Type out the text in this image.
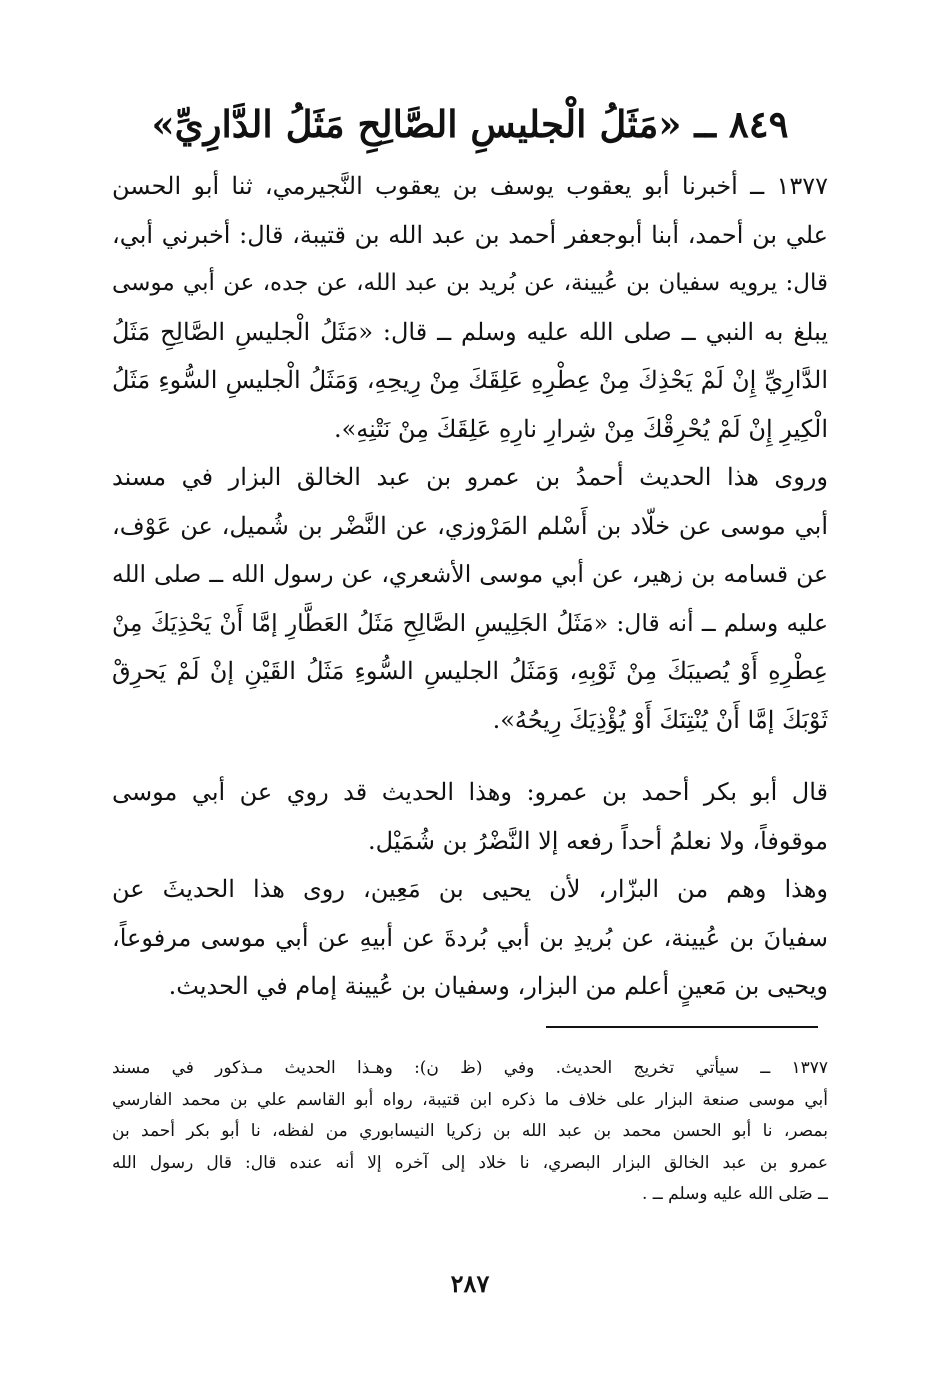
٨٤٩ ــ «مَثَلُ الْجليسِ الصَّالِحِ مَثَلُ الدَّارِيِّ»
١٣٧٧ ــ أخبرنا أبو يعقوب يوسف بن يعقوب النَّجيرمي، ثنا أبو الحسن
علي بن أحمد، أبنا أبوجعفر أحمد بن عبد الله بن قتيبة، قال: أخبرني أبي،
قال: يرويه سفيان بن عُيينة، عن بُريد بن عبد الله، عن جده، عن أبي موسى
يبلغ به النبي ــ صلى الله عليه وسلم ــ قال: «مَثَلُ الْجليسِ الصَّالِحِ مَثَلُ
الدَّارِيِّ إِنْ لَمْ يَحْذِكَ مِنْ عِطْرِهِ عَلِقَكَ مِنْ رِيحِهِ، وَمَثَلُ الْجليسِ السُّوءِ مَثَلُ
الْكِيرِ إِنْ لَمْ يُحْرِقْكَ مِنْ شِرارِ نارِهِ عَلِقَكَ مِنْ نَتْنِهِ».
وروى هذا الحديث أحمدُ بن عمرو بن عبد الخالق البزار في مسند
أبي موسى عن خلّاد بن أَسْلم المَرْوزي، عن النَّضْر بن شُميل، عن عَوْف،
عن قسامه بن زهير، عن أبي موسى الأشعري، عن رسول الله ــ صلى الله
عليه وسلم ــ أنه قال: «مَثَلُ الجَلِيسِ الصَّالِحِ مَثَلُ العَطَّارِ إمَّا أَنْ يَحْذِيَكَ مِنْ
عِطْرِهِ أَوْ يُصيبَكَ مِنْ ثَوْبِهِ، وَمَثَلُ الجليسِ السُّوءِ مَثَلُ القَيْنِ إنْ لَمْ يَحرِقْ
ثَوْبَكَ إمَّا أَنْ يُنْتِنَكَ أَوْ يُؤْذِيَكَ رِيحُهُ».
قال أبو بكر أحمد بن عمرو: وهذا الحديث قد روي عن أبي موسى
موقوفاً، ولا نعلمُ أحداً رفعه إلا النَّضْرُ بن شُمَيْل.
وهذا وهم من البزّار، لأن يحيى بن مَعِين، روى هذا الحديثَ عن
سفيانَ بن عُيينة، عن بُريدِ بن أبي بُردةَ عن أبيهِ عن أبي موسى مرفوعاً،
ويحيى بن مَعينٍ أعلم من البزار، وسفيان بن عُيينة إمام في الحديث.
١٣٧٧ ــ سيأتي تخريج الحديث. وفي (ظ ن): وهـذا الحديث مـذكور في مسند
أبي موسى صنعة البزار على خلاف ما ذكره ابن قتيبة، رواه أبو القاسم علي بن محمد الفارسي
بمصر، نا أبو الحسن محمد بن عبد الله بن زكريا النيسابوري من لفظه، نا أبو بكر أحمد بن
عمرو بن عبد الخالق البزار البصري، نا خلاد إلى آخره إلا أنه عنده قال: قال رسول الله
ــ صَلى الله عليه وسلم ــ .
٢٨٧
